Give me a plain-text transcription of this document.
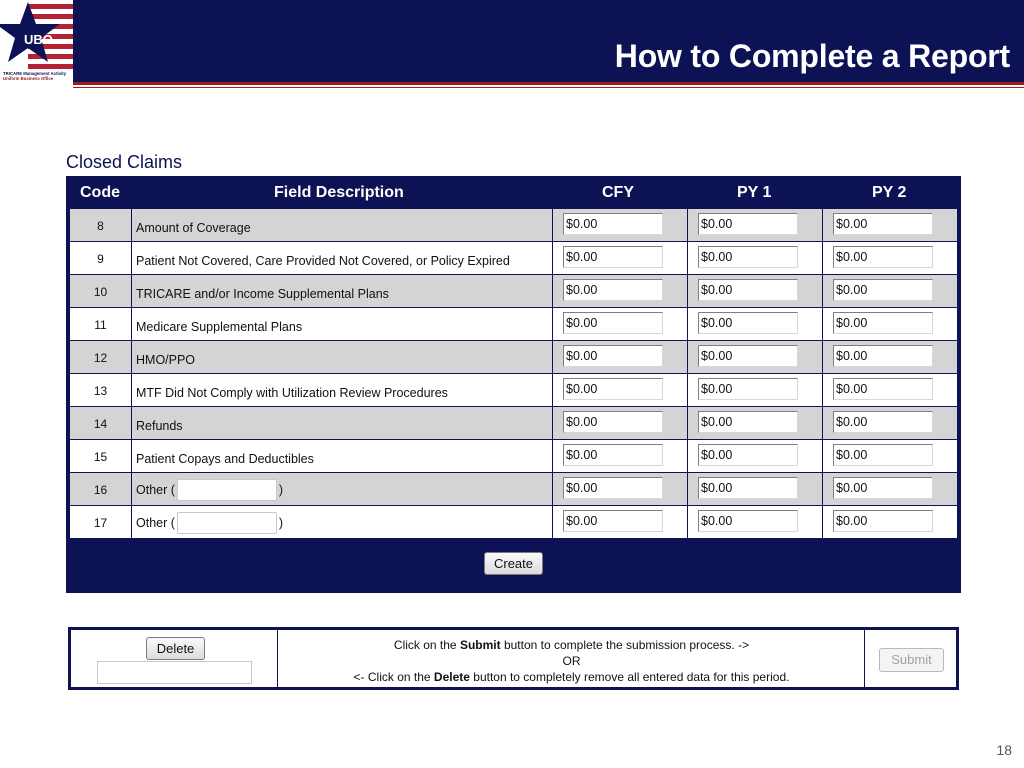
UBO
TRICARE Management Activity
Uniform Business Office
How to Complete a Report
Closed Claims
Code	Field Description	CFY	PY 1	PY 2
8	Amount of Coverage	$0.00	$0.00	$0.00
9	Patient Not Covered, Care Provided Not Covered, or Policy Expired	$0.00	$0.00	$0.00
10	TRICARE and/or Income Supplemental Plans	$0.00	$0.00	$0.00
11	Medicare Supplemental Plans	$0.00	$0.00	$0.00
12	HMO/PPO	$0.00	$0.00	$0.00
13	MTF Did Not Comply with Utilization Review Procedures	$0.00	$0.00	$0.00
14	Refunds	$0.00	$0.00	$0.00
15	Patient Copays and Deductibles	$0.00	$0.00	$0.00
16	Other (	)	$0.00	$0.00	$0.00
17	Other (	)	$0.00	$0.00	$0.00
Create
Delete	Click on the Submit button to complete the submission process. ->
OR
<- Click on the Delete button to completely remove all entered data for this period.
Submit
18
